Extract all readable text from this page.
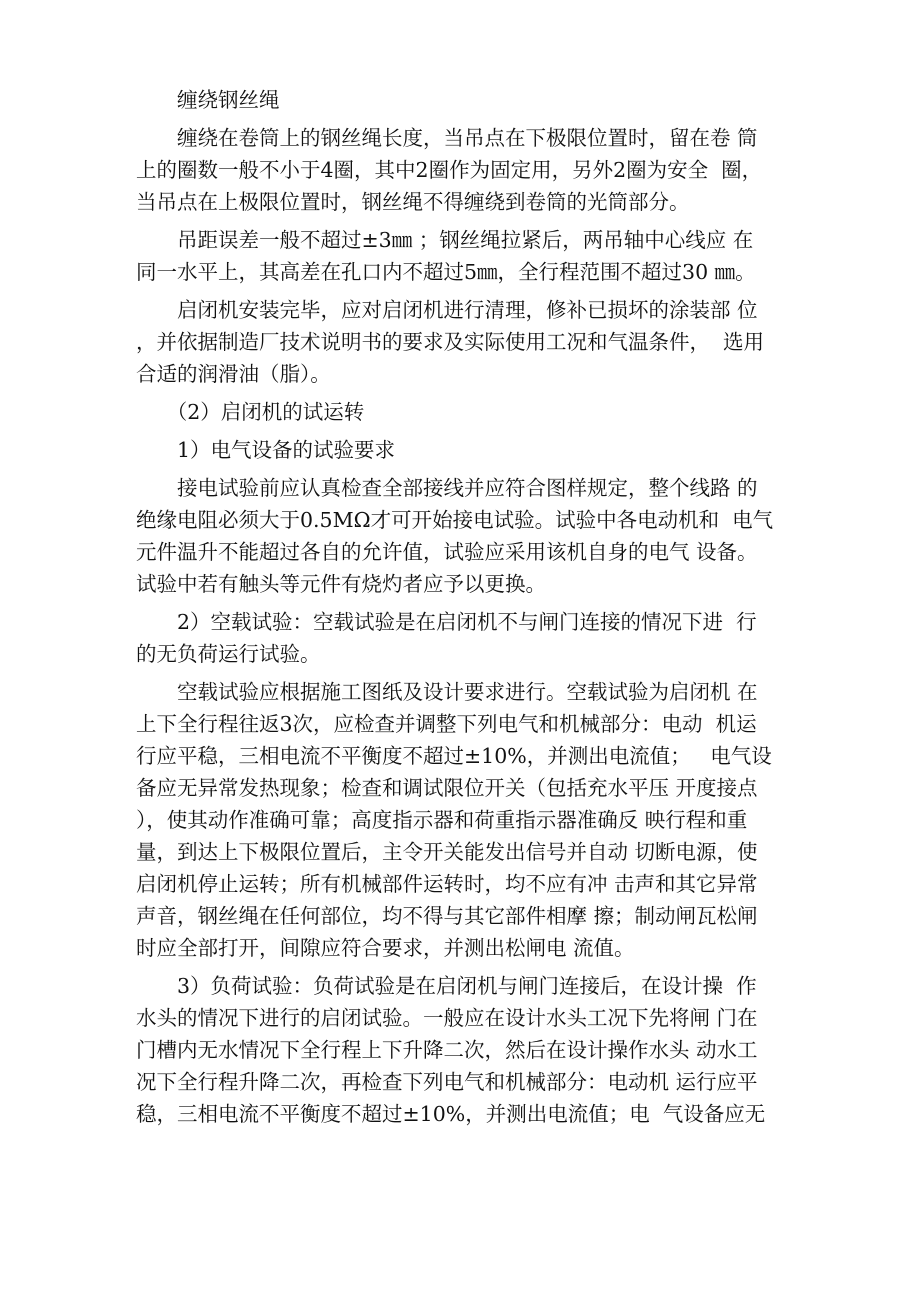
　　缠绕钢丝绳
　　缠绕在卷筒上的钢丝绳长度，当吊点在下极限位置时，留在卷 筒
上的圈数一般不小于4圈，其中2圈作为固定用，另外2圈为安全  圈，
当吊点在上极限位置时，钢丝绳不得缠绕到卷筒的光筒部分。
　　吊距误差一般不超过±3㎜ ；钢丝绳拉紧后，两吊轴中心线应 在
同一水平上，其高差在孔口内不超过5㎜，全行程范围不超过30 ㎜。
　　启闭机安装完毕，应对启闭机进行清理，修补已损坏的涂装部 位
，并依据制造厂技术说明书的要求及实际使用工况和气温条件，  选用
合适的润滑油（脂）。
　　（2）启闭机的试运转
　　1）电气设备的试验要求
　　接电试验前应认真检查全部接线并应符合图样规定，整个线路 的
绝缘电阻必须大于0.5MΩ才可开始接电试验。试验中各电动机和  电气
元件温升不能超过各自的允许值，试验应采用该机自身的电气 设备。
试验中若有触头等元件有烧灼者应予以更换。
　　2）空载试验：空载试验是在启闭机不与闸门连接的情况下进  行
的无负荷运行试验。
　　空载试验应根据施工图纸及设计要求进行。空载试验为启闭机 在
上下全行程往返3次，应检查并调整下列电气和机械部分：电动  机运
行应平稳，三相电流不平衡度不超过±10%，并测出电流值；   电气设
备应无异常发热现象；检查和调试限位开关（包括充水平压 开度接点
），使其动作准确可靠；高度指示器和荷重指示器准确反 映行程和重
量，到达上下极限位置后，主令开关能发出信号并自动 切断电源，使
启闭机停止运转；所有机械部件运转时，均不应有冲 击声和其它异常
声音，钢丝绳在任何部位，均不得与其它部件相摩 擦；制动闸瓦松闸
时应全部打开，间隙应符合要求，并测出松闸电 流值。
　　3）负荷试验：负荷试验是在启闭机与闸门连接后，在设计操  作
水头的情况下进行的启闭试验。一般应在设计水头工况下先将闸 门在
门槽内无水情况下全行程上下升降二次，然后在设计操作水头 动水工
况下全行程升降二次，再检查下列电气和机械部分：电动机 运行应平
稳，三相电流不平衡度不超过±10%，并测出电流值；电  气设备应无
